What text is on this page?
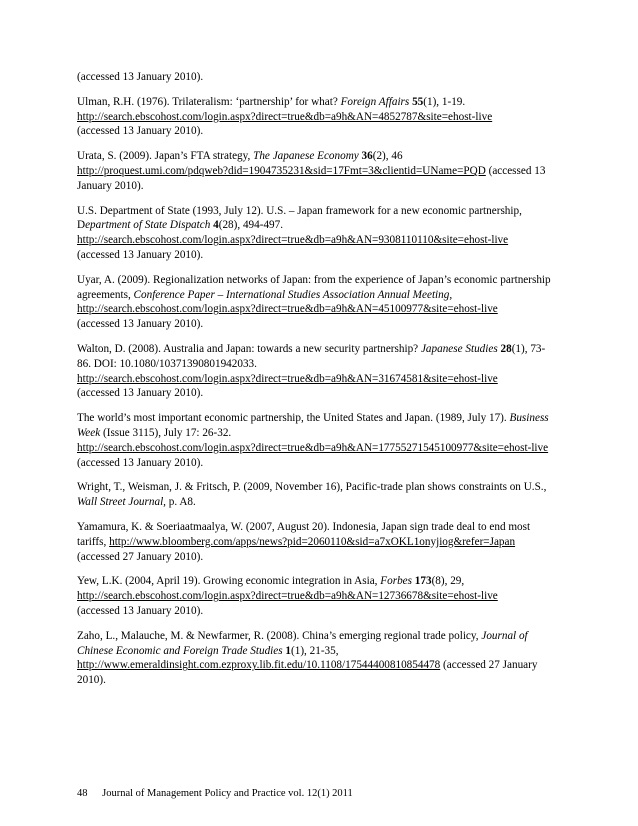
(accessed 13 January 2010).
Ulman, R.H. (1976). Trilateralism: ‘partnership’ for what? Foreign Affairs 55(1), 1-19.
http://search.ebscohost.com/login.aspx?direct=true&db=a9h&AN=4852787&site=ehost-live
(accessed 13 January 2010).
Urata, S. (2009). Japan’s FTA strategy, The Japanese Economy 36(2), 46
http://proquest.umi.com/pdqweb?did=1904735231&sid=17Fmt=3&clientid=UName=PQD (accessed 13
January 2010).
U.S. Department of State (1993, July 12). U.S. – Japan framework for a new economic partnership,
Department of State Dispatch 4(28), 494-497.
http://search.ebscohost.com/login.aspx?direct=true&db=a9h&AN=9308110110&site=ehost-live
(accessed 13 January 2010).
Uyar, A. (2009). Regionalization networks of Japan: from the experience of Japan’s economic partnership
agreements, Conference Paper – International Studies Association Annual Meeting,
http://search.ebscohost.com/login.aspx?direct=true&db=a9h&AN=45100977&site=ehost-live
(accessed 13 January 2010).
Walton, D. (2008). Australia and Japan: towards a new security partnership? Japanese Studies 28(1), 73-
86. DOI: 10.1080/10371390801942033.
http://search.ebscohost.com/login.aspx?direct=true&db=a9h&AN=31674581&site=ehost-live
(accessed 13 January 2010).
The world’s most important economic partnership, the United States and Japan. (1989, July 17). Business
Week (Issue 3115), July 17: 26-32.
http://search.ebscohost.com/login.aspx?direct=true&db=a9h&AN=17755271545100977&site=ehost-live
(accessed 13 January 2010).
Wright, T., Weisman, J. & Fritsch, P. (2009, November 16), Pacific-trade plan shows constraints on U.S.,
Wall Street Journal, p. A8.
Yamamura, K. & Soeriaatmaalya, W. (2007, August 20). Indonesia, Japan sign trade deal to end most
tariffs, http://www.bloomberg.com/apps/news?pid=2060110&sid=a7xOKL1onyjiog&refer=Japan
(accessed 27 January 2010).
Yew, L.K. (2004, April 19). Growing economic integration in Asia, Forbes 173(8), 29,
http://search.ebscohost.com/login.aspx?direct=true&db=a9h&AN=12736678&site=ehost-live
(accessed 13 January 2010).
Zaho, L., Malauche, M. & Newfarmer, R. (2008). China’s emerging regional trade policy, Journal of
Chinese Economic and Foreign Trade Studies 1(1), 21-35,
http://www.emeraldinsight.com.ezproxy.lib.fit.edu/10.1108/17544400810854478 (accessed 27 January
2010).
48 Journal of Management Policy and Practice vol. 12(1) 2011
